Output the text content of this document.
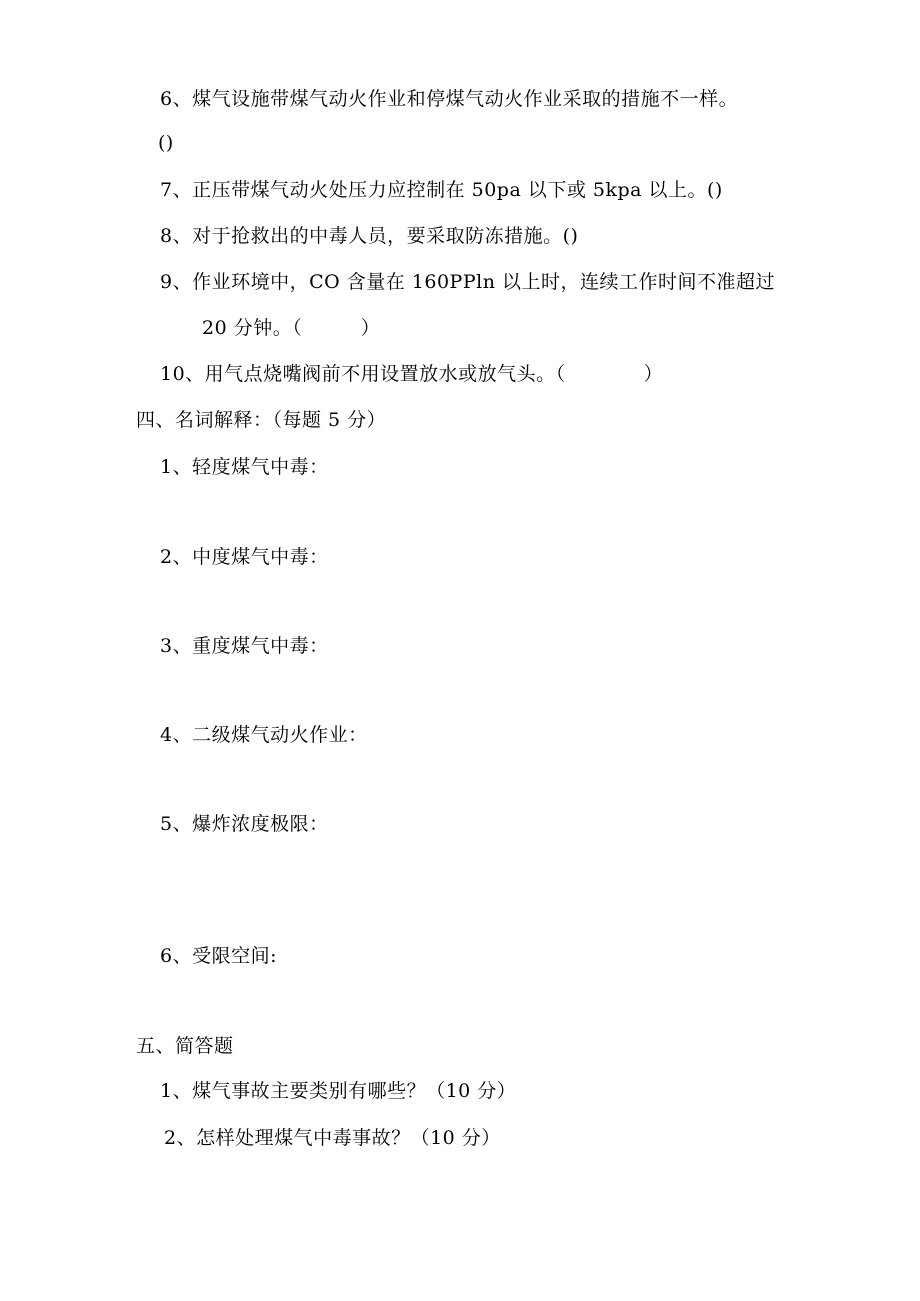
6、煤气设施带煤气动火作业和停煤气动火作业采取的措施不一样。
()
7、正压带煤气动火处压力应控制在 50pa 以下或 5kpa 以上。()
8、对于抢救出的中毒人员，要采取防冻措施。()
9、作业环境中，CO 含量在 160PPln 以上时，连续工作时间不准超过
20 分钟。（　　　）
10、用气点烧嘴阀前不用设置放水或放气头。（　　　　）
四、名词解释：（每题 5 分）
1、轻度煤气中毒：
2、中度煤气中毒：
3、重度煤气中毒：
4、二级煤气动火作业：
5、爆炸浓度极限：
6、受限空间:
五、简答题
1、煤气事故主要类别有哪些？（10 分）
2、怎样处理煤气中毒事故？（10 分）
